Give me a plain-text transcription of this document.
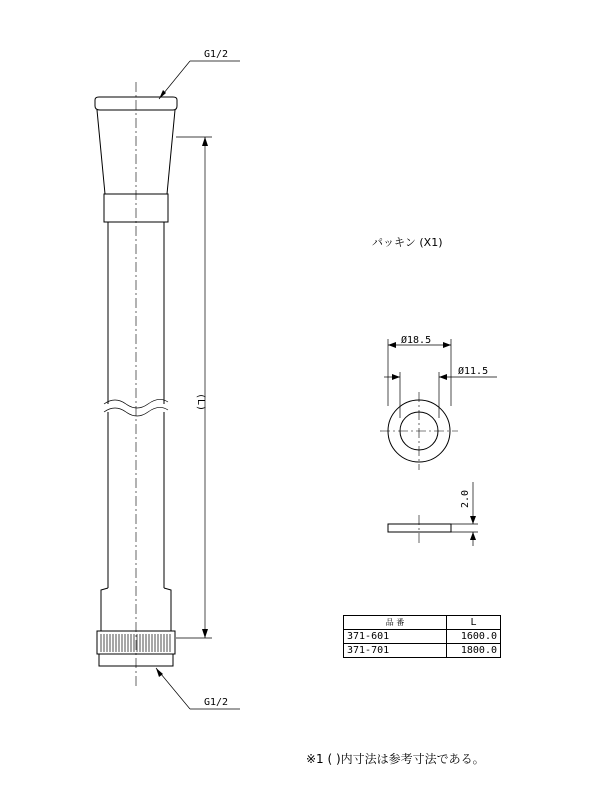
G1/2
G1/2
(L)
パッキン (X1)
Ø18.5
Ø11.5
2.0
品 番	L
371-601	1600.0
371-701	1800.0
※1 ( )内寸法は参考寸法である。
